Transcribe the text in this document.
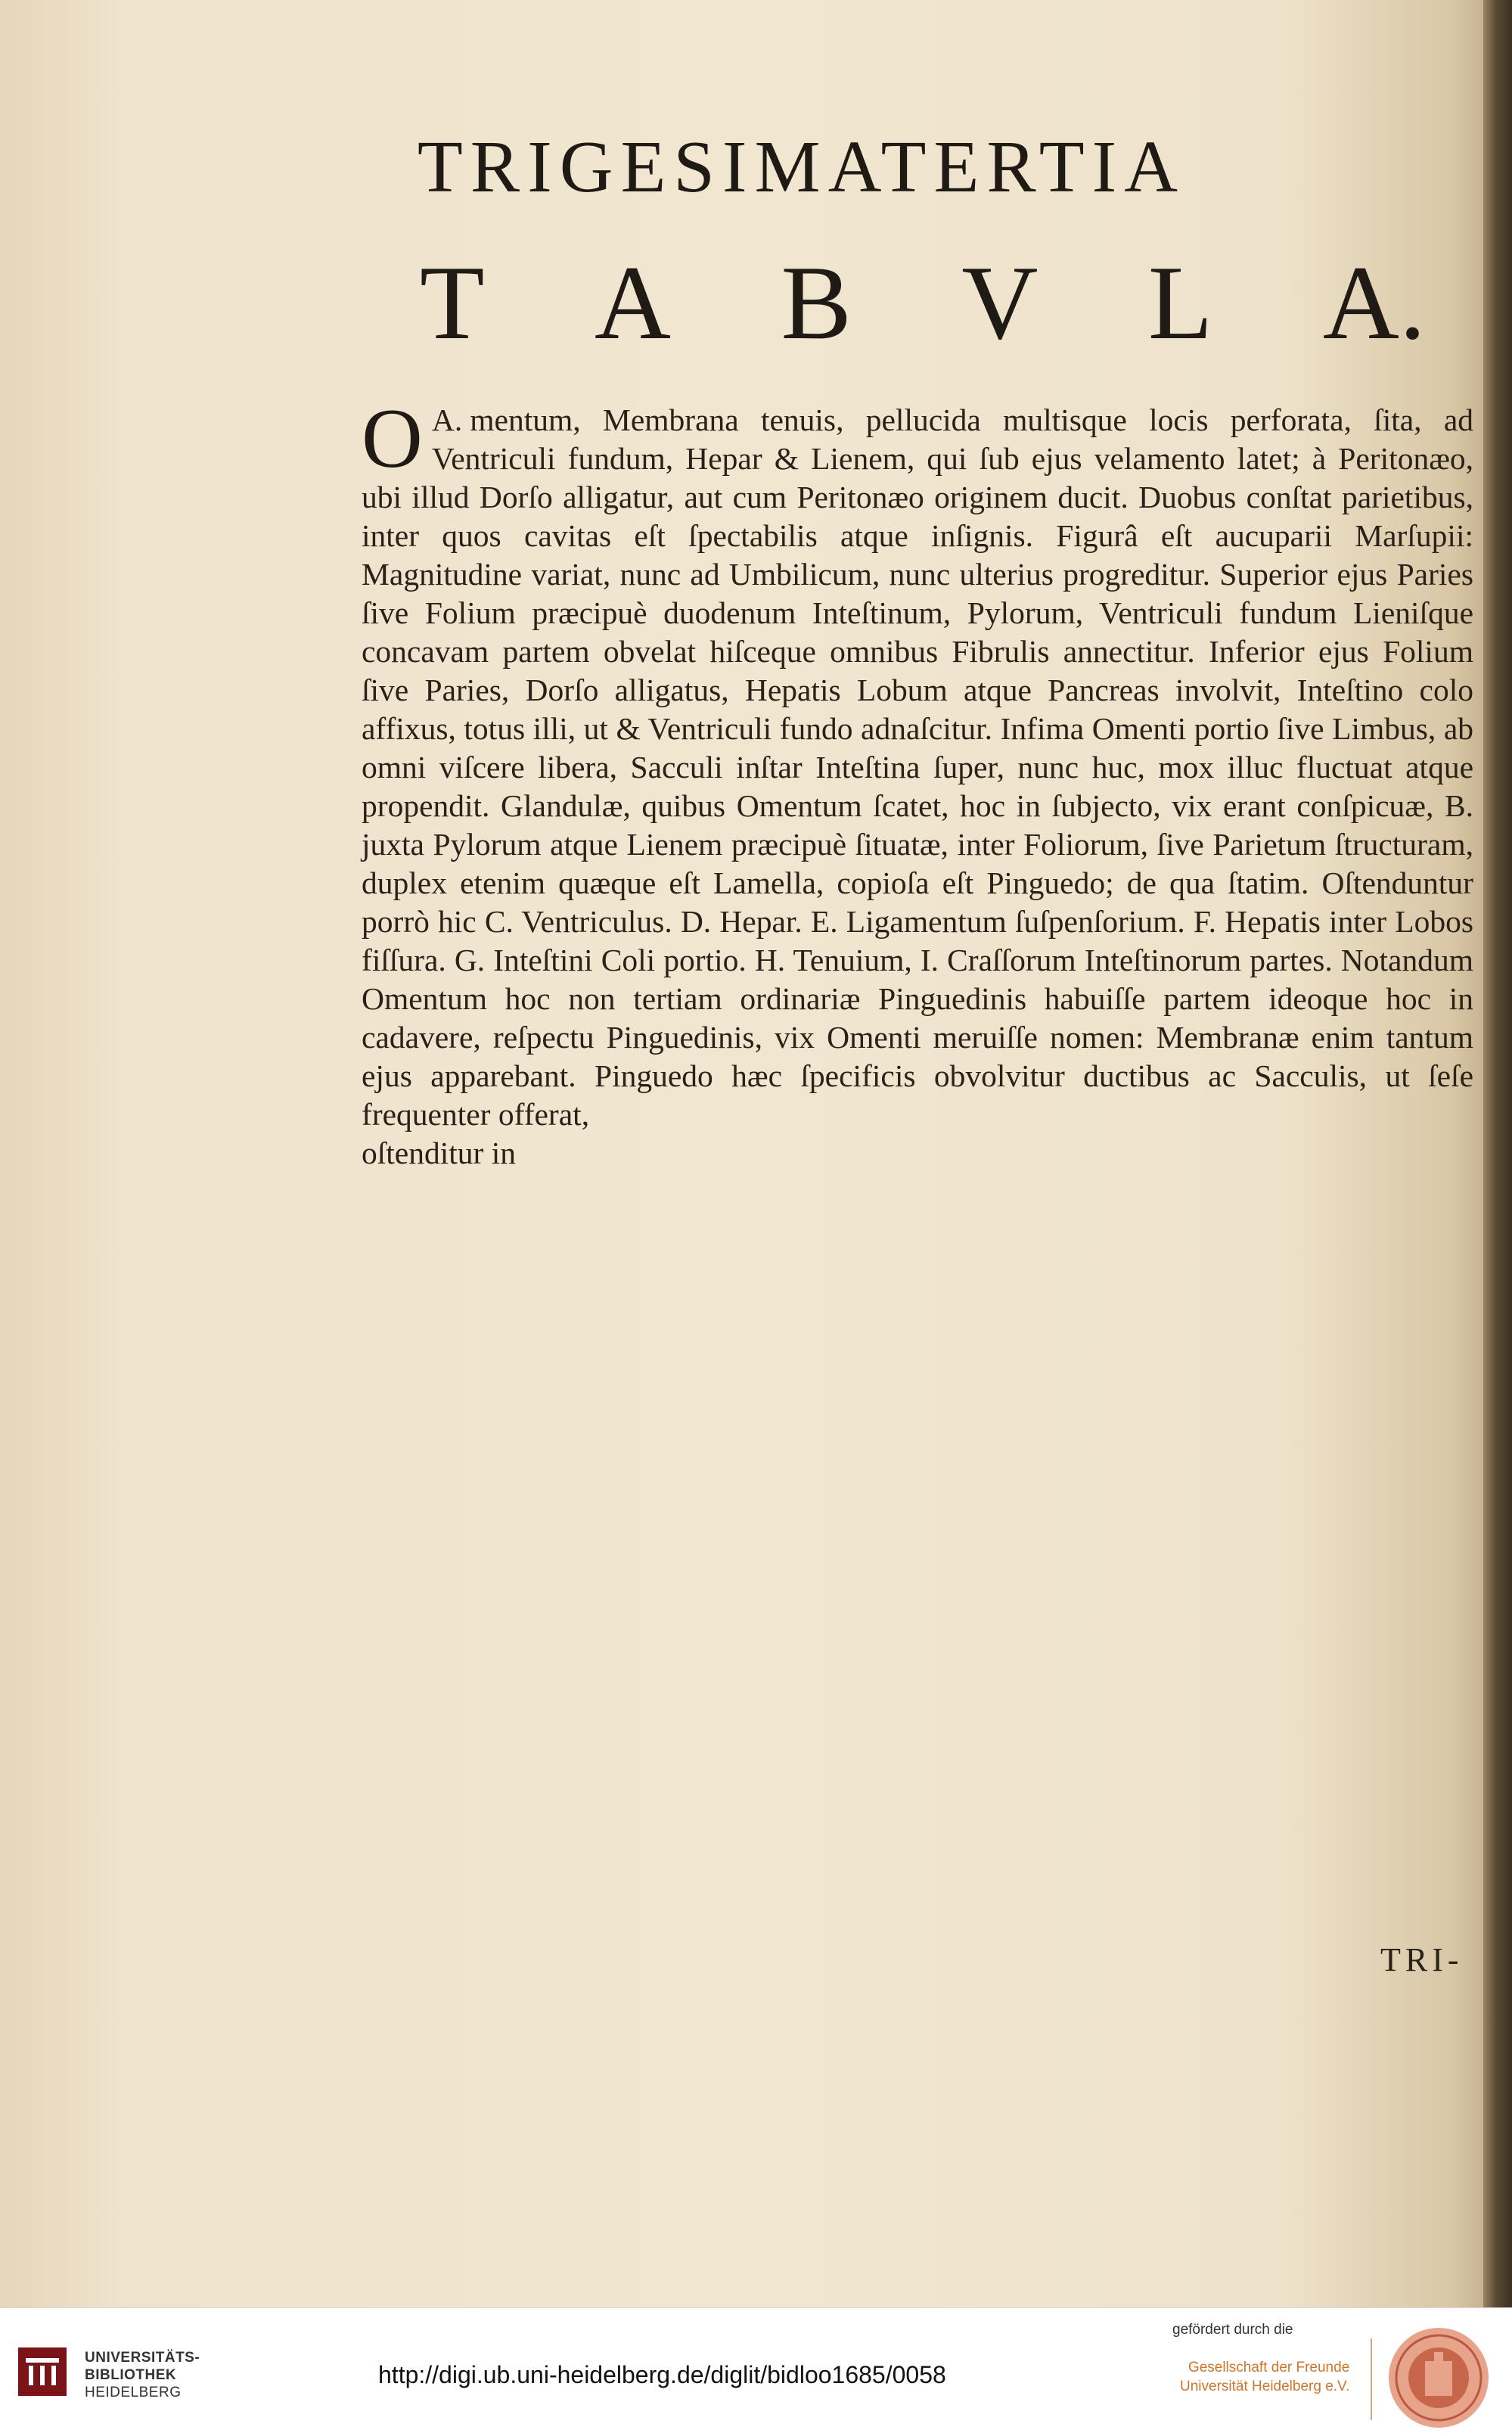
TRIGESIMATERTIA
T A B V L A.
O A. mentum, Membrana tenuis, pellucida multisque locis perforata, ſita, ad Ventriculi fundum, Hepar & Lienem, qui ſub ejus velamento latet; à Peritonæo, ubi illud Dorſo alligatur, aut cum Peritonæo originem ducit. Duobus conſtat parietibus, inter quos cavitas eſt ſpectabilis atque inſignis. Figurâ eſt aucuparii Marſupii: Magnitudine variat, nunc ad Umbilicum, nunc ulterius progreditur. Superior ejus Paries ſive Folium præcipuè duodenum Inteſtinum, Pylorum, Ventriculi fundum Lieniſque concavam partem obvelat hiſceque omnibus Fibrulis annectitur. Inferior ejus Folium ſive Paries, Dorſo alligatus, Hepatis Lobum atque Pancreas involvit, Inteſtino colo affixus, totus illi, ut & Ventriculi fundo adnaſcitur. Infima Omenti portio ſive Limbus, ab omni viſcere libera, Sacculi inſtar Inteſtina ſuper, nunc huc, mox illuc fluctuat atque propendit. Glandulæ, quibus Omentum ſcatet, hoc in ſubjecto, vix erant conſpicuæ, B. juxta Pylorum atque Lienem præcipuè ſituatæ, inter Foliorum, ſive Parietum ſtructuram, duplex etenim quæque eſt Lamella, copioſa eſt Pinguedo; de qua ſtatim. Oſtenduntur porrò hic C. Ventriculus. D. Hepar. E. Ligamentum ſuſpenſorium. F. Hepatis inter Lobos fiſſura. G. Inteſtini Coli portio. H. Tenuium, I. Craſſorum Inteſtinorum partes. Notandum Omentum hoc non tertiam ordinariæ Pinguedinis habuiſſe partem ideoque hoc in cadavere, reſpectu Pinguedinis, vix Omenti meruiſſe nomen: Membranæ enim tantum ejus apparebant. Pinguedo hæc ſpecificis obvolvitur ductibus ac Sacculis, ut ſeſe frequenter offerat,
oſtenditur in
TRI-
UNIVERSITÄTS-
BIBLIOTHEK
HEIDELBERG
http://digi.ub.uni-heidelberg.de/diglit/bidloo1685/0058
gefördert durch die
Gesellschaft der Freunde
Universität Heidelberg e.V.
